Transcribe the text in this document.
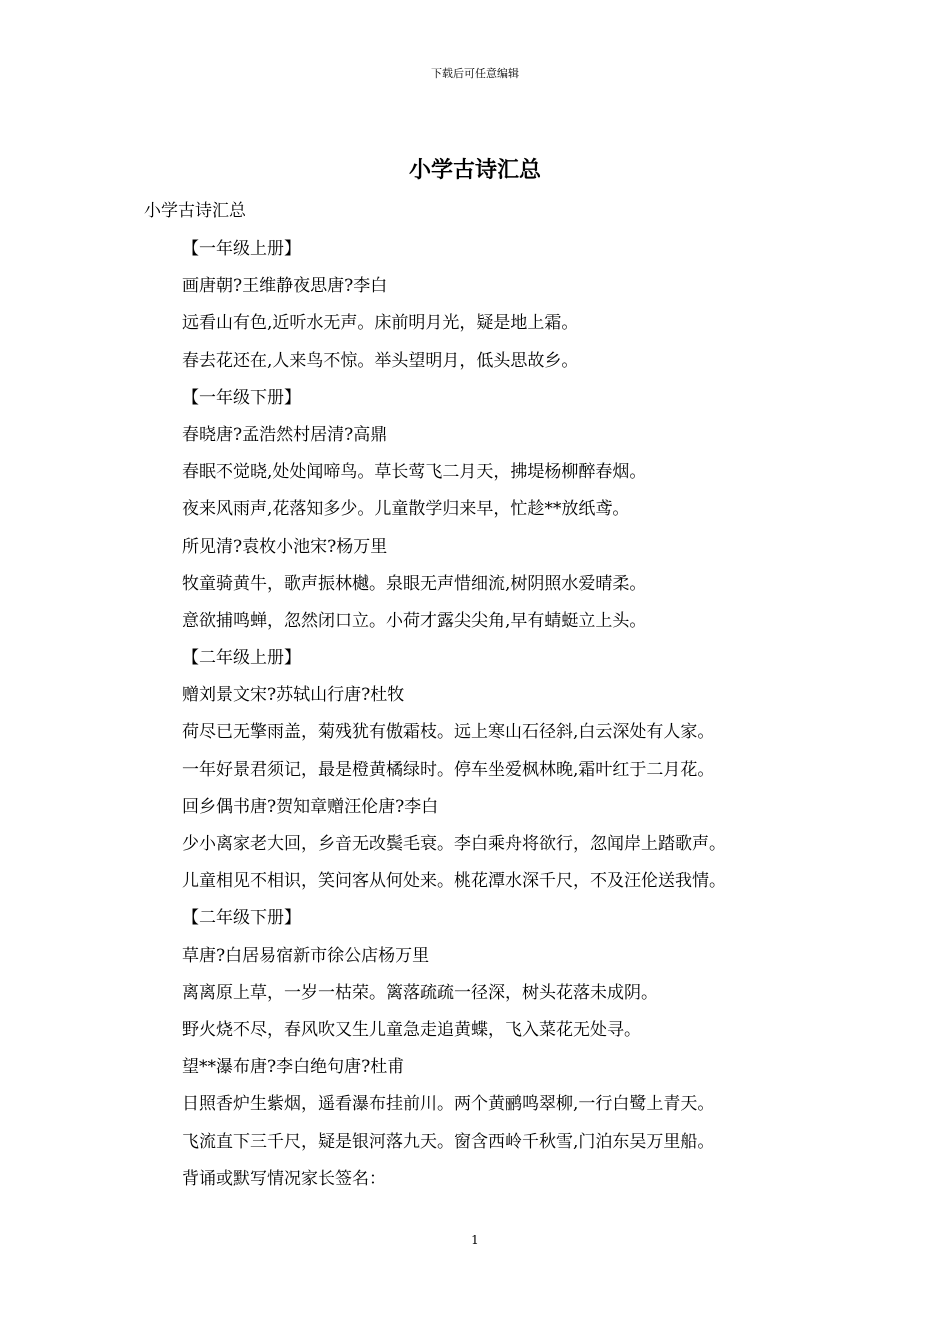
下载后可任意编辑
小学古诗汇总
小学古诗汇总
【一年级上册】
画唐朝?王维静夜思唐?李白
远看山有色,近听水无声。床前明月光，疑是地上霜。
春去花还在,人来鸟不惊。举头望明月，低头思故乡。
【一年级下册】
春晓唐?孟浩然村居清?高鼎
春眠不觉晓,处处闻啼鸟。草长莺飞二月天，拂堤杨柳醉春烟。
夜来风雨声,花落知多少。儿童散学归来早，忙趁**放纸鸢。
所见清?袁枚小池宋?杨万里
牧童骑黄牛，歌声振林樾。泉眼无声惜细流,树阴照水爱晴柔。
意欲捕鸣蝉，忽然闭口立。小荷才露尖尖角,早有蜻蜓立上头。
【二年级上册】
赠刘景文宋?苏轼山行唐?杜牧
荷尽已无擎雨盖，菊残犹有傲霜枝。远上寒山石径斜,白云深处有人家。
一年好景君须记，最是橙黄橘绿时。停车坐爱枫林晚,霜叶红于二月花。
回乡偶书唐?贺知章赠汪伦唐?李白
少小离家老大回，乡音无改鬓毛衰。李白乘舟将欲行，忽闻岸上踏歌声。
儿童相见不相识，笑问客从何处来。桃花潭水深千尺，不及汪伦送我情。
【二年级下册】
草唐?白居易宿新市徐公店杨万里
离离原上草，一岁一枯荣。篱落疏疏一径深，树头花落未成阴。
野火烧不尽，春风吹又生儿童急走追黄蝶，飞入菜花无处寻。
望**瀑布唐?李白绝句唐?杜甫
日照香炉生紫烟，遥看瀑布挂前川。两个黄鹂鸣翠柳,一行白鹭上青天。
飞流直下三千尺，疑是银河落九天。窗含西岭千秋雪,门泊东吴万里船。
背诵或默写情况家长签名：
1
